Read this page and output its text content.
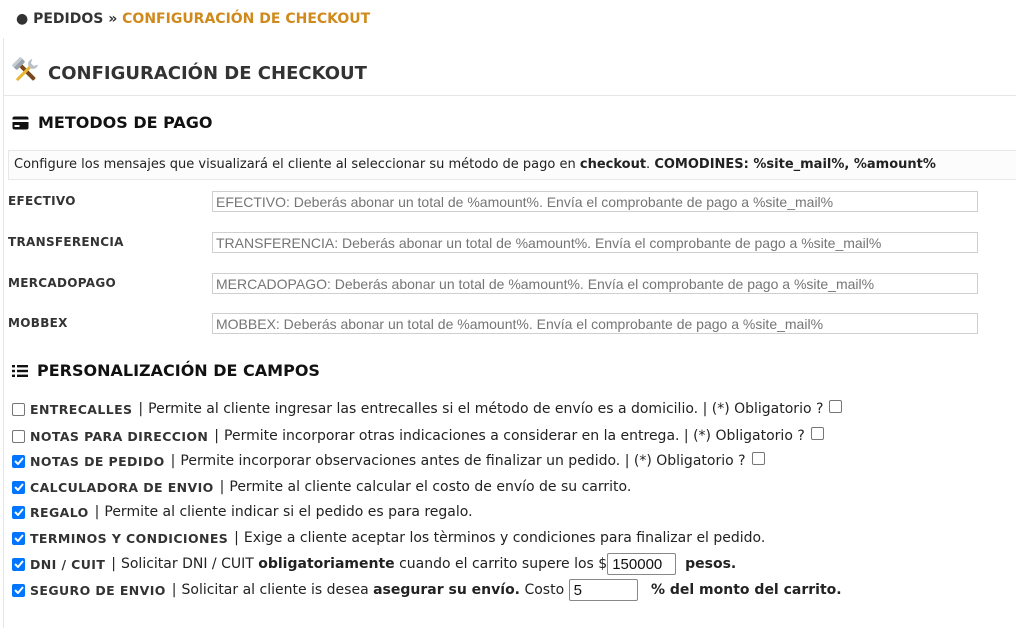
● PEDIDOS » CONFIGURACIÓN DE CHECKOUT
CONFIGURACIÓN DE CHECKOUT
METODOS DE PAGO
Configure los mensajes que visualizará el cliente al seleccionar su método de pago en checkout. COMODINES: %site_mail%, %amount%
EFECTIVO
EFECTIVO: Deberás abonar un total de %amount%. Envía el comprobante de pago a %site_mail%
TRANSFERENCIA
TRANSFERENCIA: Deberás abonar un total de %amount%. Envía el comprobante de pago a %site_mail%
MERCADOPAGO
MERCADOPAGO: Deberás abonar un total de %amount%. Envía el comprobante de pago a %site_mail%
MOBBEX
MOBBEX: Deberás abonar un total de %amount%. Envía el comprobante de pago a %site_mail%
PERSONALIZACIÓN DE CAMPOS
ENTRECALLES | Permite al cliente ingresar las entrecalles si el método de envío es a domicilio.
| (*) Obligatorio ?
NOTAS PARA DIRECCION | Permite incorporar otras indicaciones a considerar en la entrega.
| (*) Obligatorio ?
NOTAS DE PEDIDO | Permite incorporar observaciones antes de finalizar un pedido.
| (*) Obligatorio ?
CALCULADORA DE ENVIO | Permite al cliente calcular el costo de envío de su carrito.
REGALO | Permite al cliente indicar si el pedido es para regalo.
TERMINOS Y CONDICIONES | Exige a cliente aceptar los tèrminos y condiciones para finalizar el pedido.
DNI / CUIT | Solicitar DNI / CUIT
obligatoriamente
cuando el carrito supere los $
150000
	pesos.
SEGURO DE ENVIO | Solicitar al cliente is desea
asegurar su envío.
Costo

5
	% del monto del carrito.
